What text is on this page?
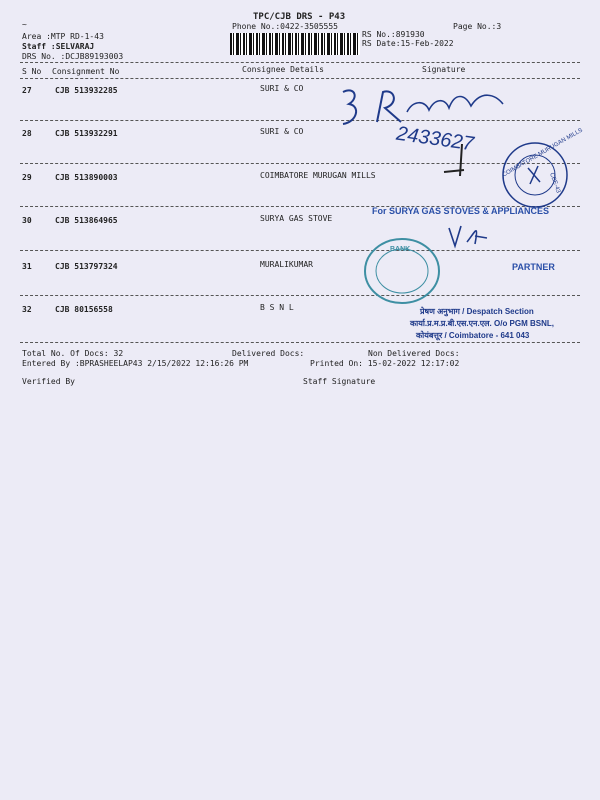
~
TPC/CJB DRS - P43
Phone No.:0422-3505555	Page No.:3
Area :MTP RD-1-43
Staff :SELVARAJ
DRS No. :DCJB89193003
RS No.:891930
RS Date:15-Feb-2022
S No Consignment No	Consignee Details	Signature
27	CJB 513932285	SURI & CO
28	CJB 513932291	SURI & CO
29	CJB 513890003	COIMBATORE MURUGAN MILLS
30	CJB 513864965	SURYA GAS STOVE
31	CJB 513797324	MURALIKUMAR
32	CJB 80156558	B S N L
Total No. Of Docs: 32	Delivered Docs:	Non Delivered Docs:
Entered By :BPRASHEELAP43 2/15/2022 12:16:26 PM	Printed On: 15-02-2022 12:17:02
Verified By	Staff Signature
2433627	COIMBATORE MURUGAN MILLS
CBE-43
For SURYA GAS STOVES & APPLIANCES
PARTNER
BANK
प्रेषण अनुभाग / Despatch Section
कार्या.प्र.म.प्र.बी.एस.एन.एल. O/o PGM BSNL,
कोयंबत्तूर / Coimbatore - 641 043
